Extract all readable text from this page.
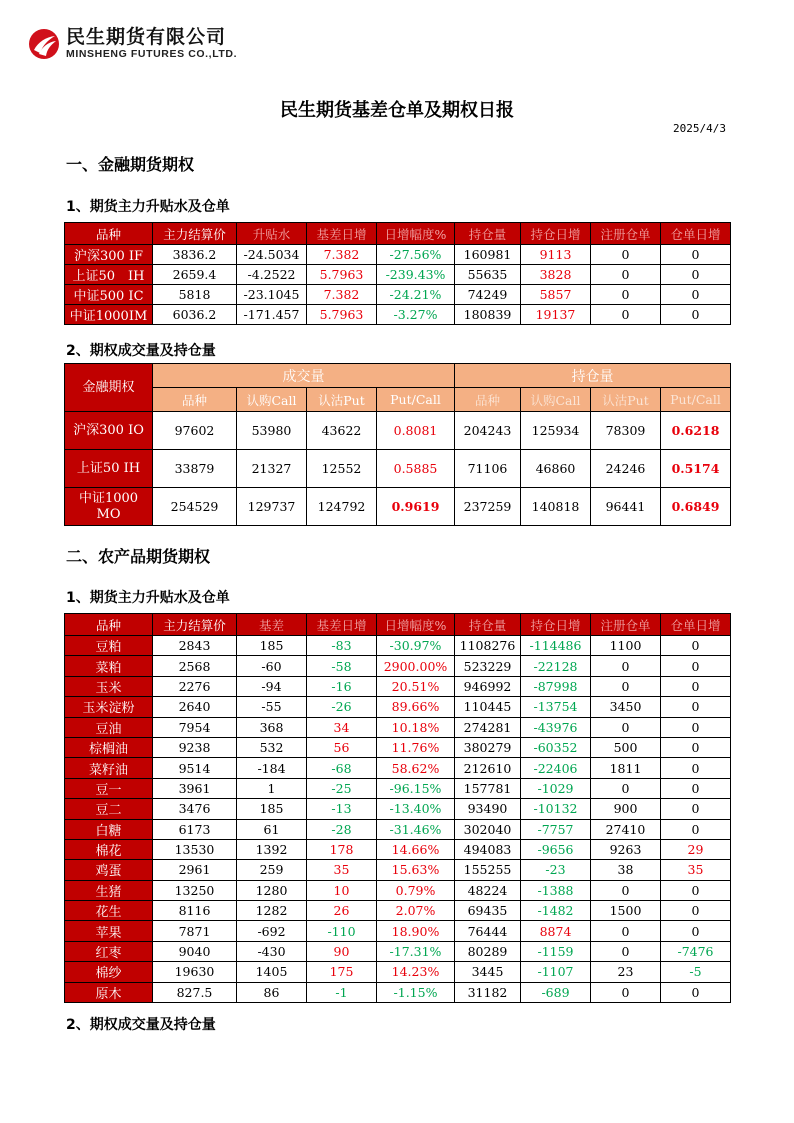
民生期货有限公司
MINSHENG FUTURES CO.,LTD.
民生期货基差仓单及期权日报
2025/4/3
一、金融期货期权
1、期货主力升贴水及仓单
品种	主力结算价	升贴水	基差日增	日增幅度%	持仓量	持仓日增	注册仓单	仓单日增
沪深300 IF	3836.2	-24.5034	7.382	-27.56%	160981	9113	0	0
上证50　IH	2659.4	-4.2522	5.7963	-239.43%	55635	3828	0	0
中证500 IC	5818	-23.1045	7.382	-24.21%	74249	5857	0	0
中证1000IM	6036.2	-171.457	5.7963	-3.27%	180839	19137	0	0
2、期权成交量及持仓量
金融期权	成交量				持仓量			
	品种	认购Call	认沽Put	Put/Call	品种	认购Call	认沽Put	Put/Call
沪深300 IO	97602	53980	43622	0.8081	204243	125934	78309	0.6218
上证50 IH	33879	21327	12552	0.5885	71106	46860	24246	0.5174
中证1000 MO	254529	129737	124792	0.9619	237259	140818	96441	0.6849
二、农产品期货期权
1、期货主力升贴水及仓单
品种	主力结算价	基差	基差日增	日增幅度%	持仓量	持仓日增	注册仓单	仓单日增
豆粕	2843	185	-83	-30.97%	1108276	-114486	1100	0
菜粕	2568	-60	-58	2900.00%	523229	-22128	0	0
玉米	2276	-94	-16	20.51%	946992	-87998	0	0
玉米淀粉	2640	-55	-26	89.66%	110445	-13754	3450	0
豆油	7954	368	34	10.18%	274281	-43976	0	0
棕榈油	9238	532	56	11.76%	380279	-60352	500	0
菜籽油	9514	-184	-68	58.62%	212610	-22406	1811	0
豆一	3961	1	-25	-96.15%	157781	-1029	0	0
豆二	3476	185	-13	-13.40%	93490	-10132	900	0
白糖	6173	61	-28	-31.46%	302040	-7757	27410	0
棉花	13530	1392	178	14.66%	494083	-9656	9263	29
鸡蛋	2961	259	35	15.63%	155255	-23	38	35
生猪	13250	1280	10	0.79%	48224	-1388	0	0
花生	8116	1282	26	2.07%	69435	-1482	1500	0
苹果	7871	-692	-110	18.90%	76444	8874	0	0
红枣	9040	-430	90	-17.31%	80289	-1159	0	-7476
棉纱	19630	1405	175	14.23%	3445	-1107	23	-5
原木	827.5	86	-1	-1.15%	31182	-689	0	0
2、期权成交量及持仓量
